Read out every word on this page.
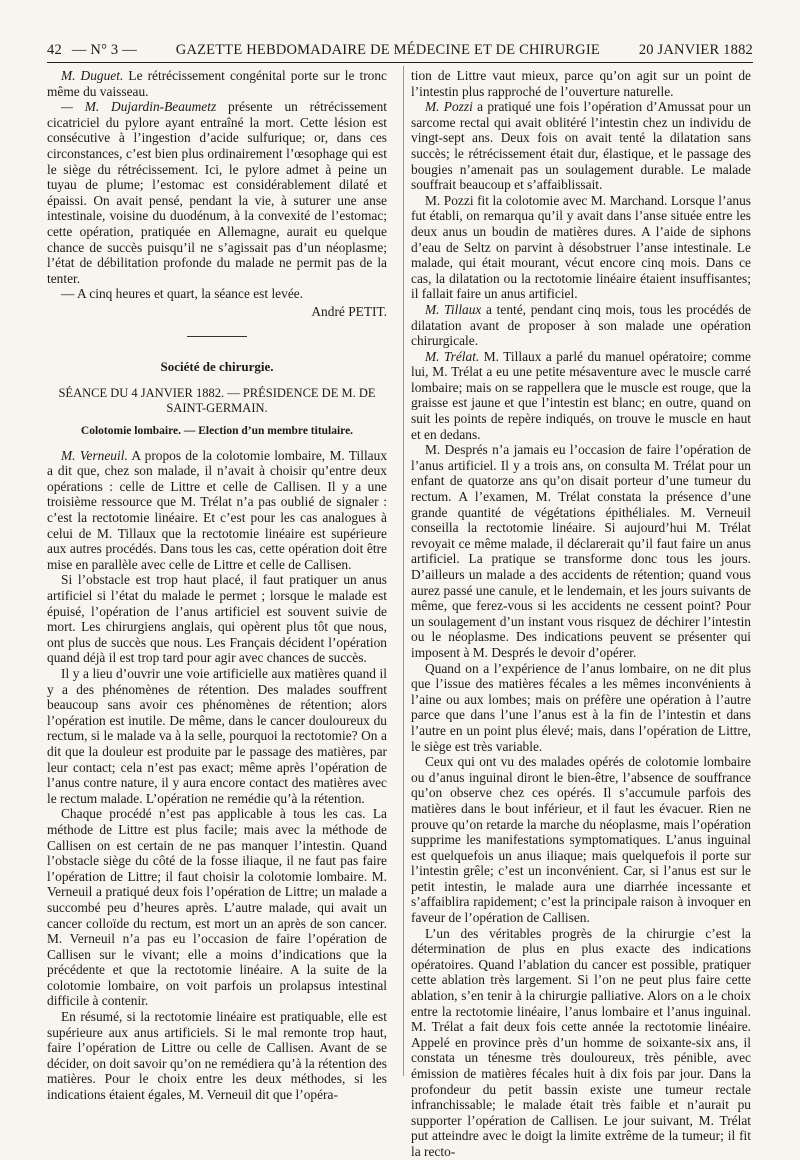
42 — N° 3 —	GAZETTE HEBDOMADAIRE DE MÉDECINE ET DE CHIRURGIE	20 JANVIER 1882

M. Duguet. Le rétrécissement congénital porte sur le tronc même du vaisseau.

— M. Dujardin-Beaumetz présente un rétrécissement cicatriciel du pylore ayant entraîné la mort. Cette lésion est consécutive à l’ingestion d’acide sulfurique; or, dans ces circonstances, c’est bien plus ordinairement l’œsophage qui est le siège du rétrécissement. Ici, le pylore admet à peine un tuyau de plume; l’estomac est considérablement dilaté et épaissi. On avait pensé, pendant la vie, à suturer une anse intestinale, voisine du duodénum, à la convexité de l’estomac; cette opération, pratiquée en Allemagne, aurait eu quelque chance de succès puisqu’il ne s’agissait pas d’un néoplasme; l’état de débilitation profonde du malade ne permit pas de la tenter.

— A cinq heures et quart, la séance est levée.

André PETIT.

Société de chirurgie.

SÉANCE DU 4 JANVIER 1882. — PRÉSIDENCE DE M. DE SAINT-GERMAIN.

Colotomie lombaire. — Election d’un membre titulaire.

M. Verneuil. A propos de la colotomie lombaire, M. Tillaux a dit que, chez son malade, il n’avait à choisir qu’entre deux opérations : celle de Littre et celle de Callisen. Il y a une troisième ressource que M. Trélat n’a pas oublié de signaler : c’est la rectotomie linéaire. Et c’est pour les cas analogues à celui de M. Tillaux que la rectotomie linéaire est supérieure aux autres procédés. Dans tous les cas, cette opération doit être mise en parallèle avec celle de Littre et celle de Callisen.

Si l’obstacle est trop haut placé, il faut pratiquer un anus artificiel si l’état du malade le permet ; lorsque le malade est épuisé, l’opération de l’anus artificiel est souvent suivie de mort. Les chirurgiens anglais, qui opèrent plus tôt que nous, ont plus de succès que nous. Les Français décident l’opération quand déjà il est trop tard pour agir avec chances de succès.

Il y a lieu d’ouvrir une voie artificielle aux matières quand il y a des phénomènes de rétention. Des malades souffrent beaucoup sans avoir ces phénomènes de rétention; alors l’opération est inutile. De même, dans le cancer douloureux du rectum, si le malade va à la selle, pourquoi la rectotomie? On a dit que la douleur est produite par le passage des matières, par leur contact; cela n’est pas exact; même après l’opération de l’anus contre nature, il y aura encore contact des matières avec le rectum malade. L’opération ne remédie qu’à la rétention.

Chaque procédé n’est pas applicable à tous les cas. La méthode de Littre est plus facile; mais avec la méthode de Callisen on est certain de ne pas manquer l’intestin. Quand l’obstacle siège du côté de la fosse iliaque, il ne faut pas faire l’opération de Littre; il faut choisir la colotomie lombaire. M. Verneuil a pratiqué deux fois l’opération de Littre; un malade a succombé peu d’heures après. L’autre malade, qui avait un cancer colloïde du rectum, est mort un an après de son cancer. M. Verneuil n’a pas eu l’occasion de faire l’opération de Callisen sur le vivant; elle a moins d’indications que la précédente et que la rectotomie linéaire. A la suite de la colotomie lombaire, on voit parfois un prolapsus intestinal difficile à contenir.

En résumé, si la rectotomie linéaire est pratiquable, elle est supérieure aux anus artificiels. Si le mal remonte trop haut, faire l’opération de Littre ou celle de Callisen. Avant de se décider, on doit savoir qu’on ne remédiera qu’à la rétention des matières. Pour le choix entre les deux méthodes, si les indications étaient égales, M. Verneuil dit que l’opéra-

tion de Littre vaut mieux, parce qu’on agit sur un point de l’intestin plus rapproché de l’ouverture naturelle.

M. Pozzi a pratiqué une fois l’opération d’Amussat pour un sarcome rectal qui avait oblitéré l’intestin chez un individu de vingt-sept ans. Deux fois on avait tenté la dilatation sans succès; le rétrécissement était dur, élastique, et le passage des bougies n’amenait pas un soulagement durable. Le malade souffrait beaucoup et s’affaiblissait.

M. Pozzi fit la colotomie avec M. Marchand. Lorsque l’anus fut établi, on remarqua qu’il y avait dans l’anse située entre les deux anus un boudin de matières dures. A l’aide de siphons d’eau de Seltz on parvint à désobstruer l’anse intestinale. Le malade, qui était mourant, vécut encore cinq mois. Dans ce cas, la dilatation ou la rectotomie linéaire étaient insuffisantes; il fallait faire un anus artificiel.

M. Tillaux a tenté, pendant cinq mois, tous les procédés de dilatation avant de proposer à son malade une opération chirurgicale.

M. Trélat. M. Tillaux a parlé du manuel opératoire; comme lui, M. Trélat a eu une petite mésaventure avec le muscle carré lombaire; mais on se rappellera que le muscle est rouge, que la graisse est jaune et que l’intestin est blanc; en outre, quand on suit les points de repère indiqués, on trouve le muscle en haut et en dedans.

M. Després n’a jamais eu l’occasion de faire l’opération de l’anus artificiel. Il y a trois ans, on consulta M. Trélat pour un enfant de quatorze ans qu’on disait porteur d’une tumeur du rectum. A l’examen, M. Trélat constata la présence d’une grande quantité de végétations épithéliales. M. Verneuil conseilla la rectotomie linéaire. Si aujourd’hui M. Trélat revoyait ce même malade, il déclarerait qu’il faut faire un anus artificiel. La pratique se transforme donc tous les jours. D’ailleurs un malade a des accidents de rétention; quand vous aurez passé une canule, et le lendemain, et les jours suivants de même, que ferez-vous si les accidents ne cessent point? Pour un soulagement d’un instant vous risquez de déchirer l’intestin ou le néoplasme. Des indications peuvent se présenter qui imposent à M. Després le devoir d’opérer.

Quand on a l’expérience de l’anus lombaire, on ne dit plus que l’issue des matières fécales a les mêmes inconvénients à l’aine ou aux lombes; mais on préfère une opération à l’autre parce que dans l’une l’anus est à la fin de l’intestin et dans l’autre en un point plus élevé; mais, dans l’opération de Littre, le siège est très variable.

Ceux qui ont vu des malades opérés de colotomie lombaire ou d’anus inguinal diront le bien-être, l’absence de souffrance qu’on observe chez ces opérés. Il s’accumule parfois des matières dans le bout inférieur, et il faut les évacuer. Rien ne prouve qu’on retarde la marche du néoplasme, mais l’opération supprime les manifestations symptomatiques. L’anus inguinal est quelquefois un anus iliaque; mais quelquefois il porte sur l’intestin grêle; c’est un inconvénient. Car, si l’anus est sur le petit intestin, le malade aura une diarrhée incessante et s’affaiblira rapidement; c’est la principale raison à invoquer en faveur de l’opération de Callisen.

L’un des véritables progrès de la chirurgie c’est la détermination de plus en plus exacte des indications opératoires. Quand l’ablation du cancer est possible, pratiquer cette ablation très largement. Si l’on ne peut plus faire cette ablation, s’en tenir à la chirurgie palliative. Alors on a le choix entre la rectotomie linéaire, l’anus lombaire et l’anus inguinal. M. Trélat a fait deux fois cette année la rectotomie linéaire. Appelé en province près d’un homme de soixante-six ans, il constata un ténesme très douloureux, très pénible, avec émission de matières fécales huit à dix fois par jour. Dans la profondeur du petit bassin existe une tumeur rectale infranchissable; le malade était très faible et n’aurait pu supporter l’opération de Callisen. Le jour suivant, M. Trélat put atteindre avec le doigt la limite extrême de la tumeur; il fit la recto-
